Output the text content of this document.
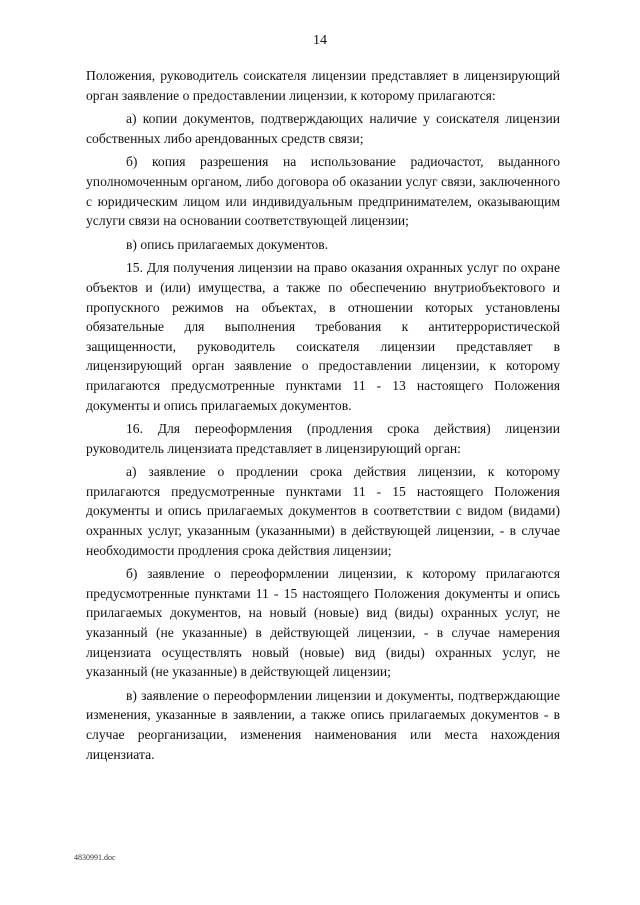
14

Положения, руководитель соискателя лицензии представляет в лицензирующий орган заявление о предоставлении лицензии, к которому прилагаются:

а) копии документов, подтверждающих наличие у соискателя лицензии собственных либо арендованных средств связи;

б) копия разрешения на использование радиочастот, выданного уполномоченным органом, либо договора об оказании услуг связи, заключенного с юридическим лицом или индивидуальным предпринимателем, оказывающим услуги связи на основании соответствующей лицензии;

в) опись прилагаемых документов.

15. Для получения лицензии на право оказания охранных услуг по охране объектов и (или) имущества, а также по обеспечению внутриобъектового и пропускного режимов на объектах, в отношении которых установлены обязательные для выполнения требования к антитеррористической защищенности, руководитель соискателя лицензии представляет в лицензирующий орган заявление о предоставлении лицензии, к которому прилагаются предусмотренные пунктами 11 - 13 настоящего Положения документы и опись прилагаемых документов.

16. Для переоформления (продления срока действия) лицензии руководитель лицензиата представляет в лицензирующий орган:

а) заявление о продлении срока действия лицензии, к которому прилагаются предусмотренные пунктами 11 - 15 настоящего Положения документы и опись прилагаемых документов в соответствии с видом (видами) охранных услуг, указанным (указанными) в действующей лицензии, - в случае необходимости продления срока действия лицензии;

б) заявление о переоформлении лицензии, к которому прилагаются предусмотренные пунктами 11 - 15 настоящего Положения документы и опись прилагаемых документов, на новый (новые) вид (виды) охранных услуг, не указанный (не указанные) в действующей лицензии, - в случае намерения лицензиата осуществлять новый (новые) вид (виды) охранных услуг, не указанный (не указанные) в действующей лицензии;

в) заявление о переоформлении лицензии и документы, подтверждающие изменения, указанные в заявлении, а также опись прилагаемых документов - в случае реорганизации, изменения наименования или места нахождения лицензиата.

4830991.doc
